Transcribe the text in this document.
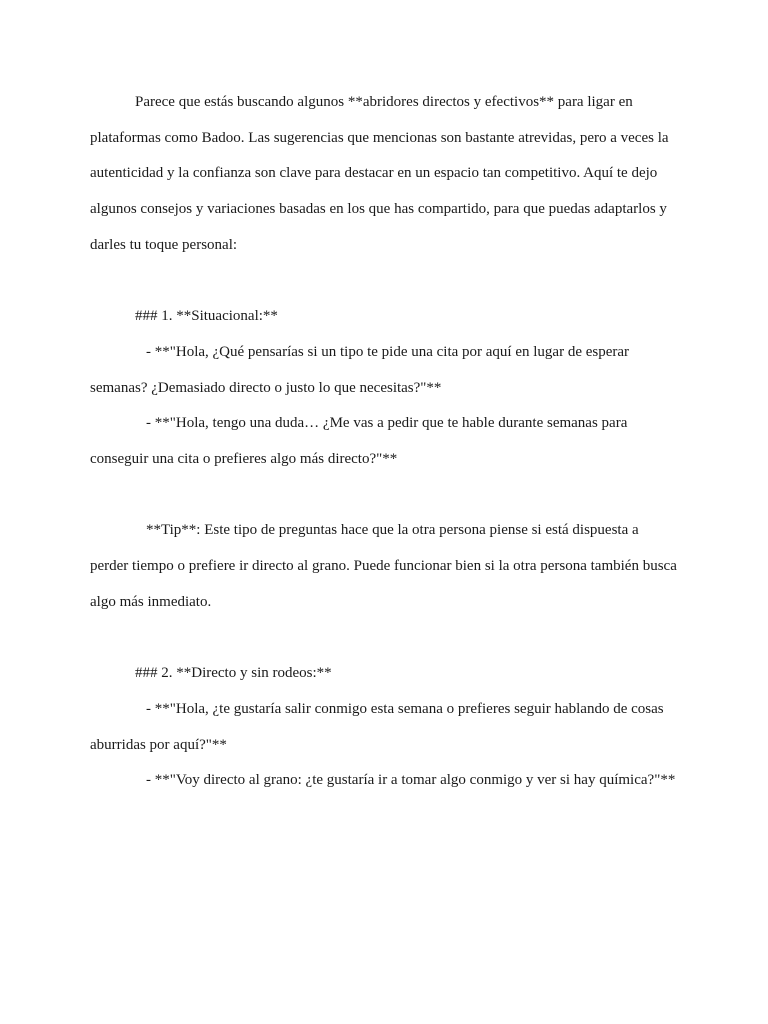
Parece que estás buscando algunos **abridores directos y efectivos** para ligar en plataformas como Badoo. Las sugerencias que mencionas son bastante atrevidas, pero a veces la autenticidad y la confianza son clave para destacar en un espacio tan competitivo. Aquí te dejo algunos consejos y variaciones basadas en los que has compartido, para que puedas adaptarlos y darles tu toque personal:

### 1. **Situacional:**

- **"Hola, ¿Qué pensarías si un tipo te pide una cita por aquí en lugar de esperar semanas? ¿Demasiado directo o justo lo que necesitas?"**

- **"Hola, tengo una duda… ¿Me vas a pedir que te hable durante semanas para conseguir una cita o prefieres algo más directo?"**

**Tip**: Este tipo de preguntas hace que la otra persona piense si está dispuesta a perder tiempo o prefiere ir directo al grano. Puede funcionar bien si la otra persona también busca algo más inmediato.

### 2. **Directo y sin rodeos:**

- **"Hola, ¿te gustaría salir conmigo esta semana o prefieres seguir hablando de cosas aburridas por aquí?"**

- **"Voy directo al grano: ¿te gustaría ir a tomar algo conmigo y ver si hay química?"**
